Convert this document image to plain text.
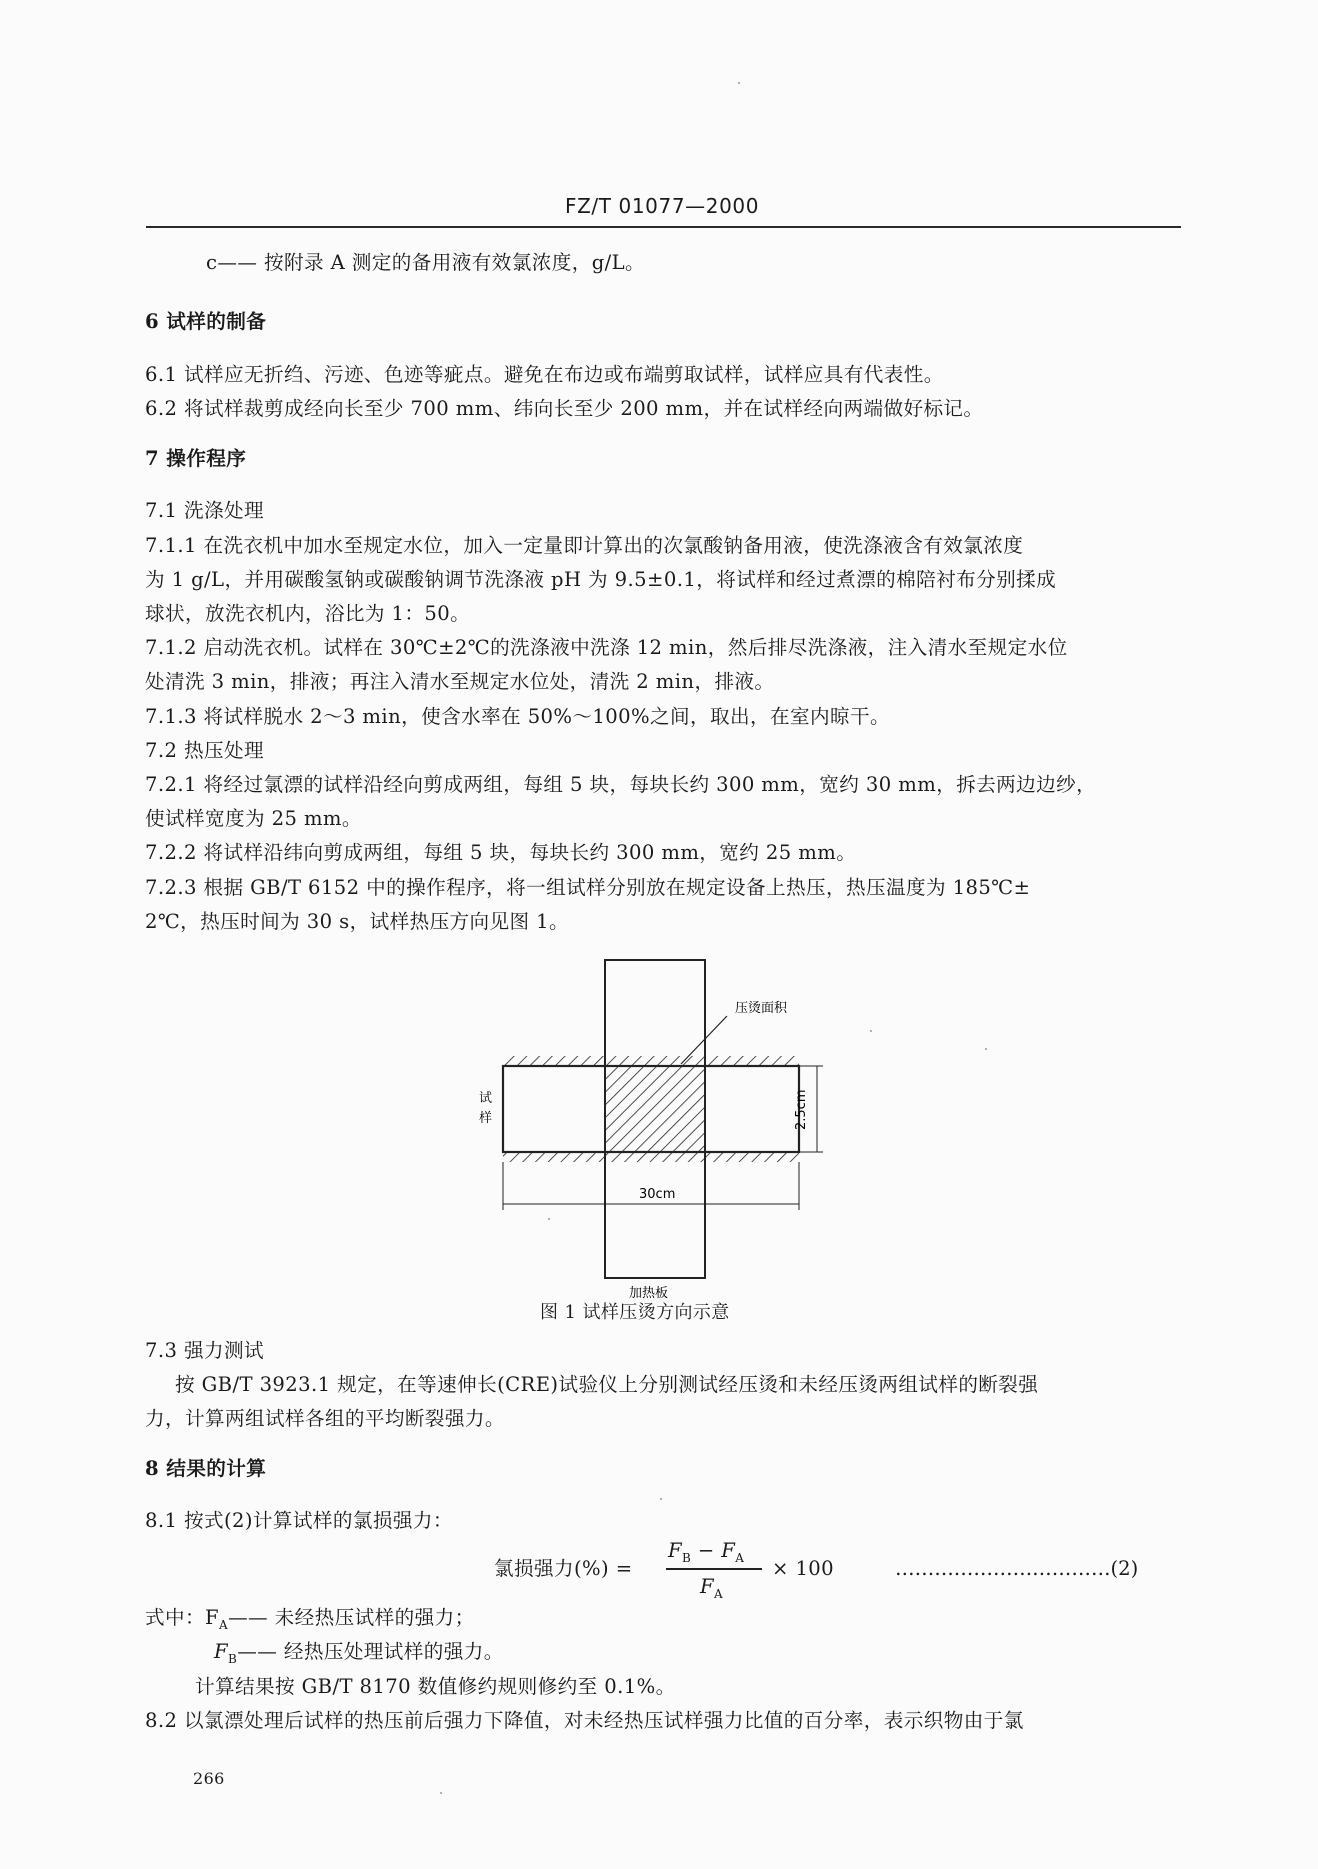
FZ/T 01077—2000
c—— 按附录 A 测定的备用液有效氯浓度，g/L。
6 试样的制备
6.1 试样应无折绉、污迹、色迹等疵点。避免在布边或布端剪取试样，试样应具有代表性。
6.2 将试样裁剪成经向长至少 700 mm、纬向长至少 200 mm，并在试样经向两端做好标记。
7 操作程序
7.1 洗涤处理
7.1.1 在洗衣机中加水至规定水位，加入一定量即计算出的次氯酸钠备用液，使洗涤液含有效氯浓度
为 1 g/L，并用碳酸氢钠或碳酸钠调节洗涤液 pH 为 9.5±0.1，将试样和经过煮漂的棉陪衬布分别揉成
球状，放洗衣机内，浴比为 1：50。
7.1.2 启动洗衣机。试样在 30℃±2℃的洗涤液中洗涤 12 min，然后排尽洗涤液，注入清水至规定水位
处清洗 3 min，排液；再注入清水至规定水位处，清洗 2 min，排液。
7.1.3 将试样脱水 2～3 min，使含水率在 50%～100%之间，取出，在室内晾干。
7.2 热压处理
7.2.1 将经过氯漂的试样沿经向剪成两组，每组 5 块，每块长约 300 mm，宽约 30 mm，拆去两边边纱，
使试样宽度为 25 mm。
7.2.2 将试样沿纬向剪成两组，每组 5 块，每块长约 300 mm，宽约 25 mm。
7.2.3 根据 GB/T 6152 中的操作程序，将一组试样分别放在规定设备上热压，热压温度为 185℃±
2℃，热压时间为 30 s，试样热压方向见图 1。
压烫面积
试
样	2.5cm
30cm
加热板
图 1 试样压烫方向示意
7.3 强力测试
按 GB/T 3923.1 规定，在等速伸长(CRE)试验仪上分别测试经压烫和未经压烫两组试样的断裂强
力，计算两组试样各组的平均断裂强力。
8 结果的计算
8.1 按式(2)计算试样的氯损强力：
氯损强力(%) =
$F_B - F_A$
$F_A$
× 100	……………………………(2)
式中：$F_A——$ 未经热压试样的强力；
$F_B——$ 经热压处理试样的强力。
计算结果按 GB/T 8170 数值修约规则修约至 0.1%。
8.2 以氯漂处理后试样的热压前后强力下降值，对未经热压试样强力比值的百分率，表示织物由于氯
266
